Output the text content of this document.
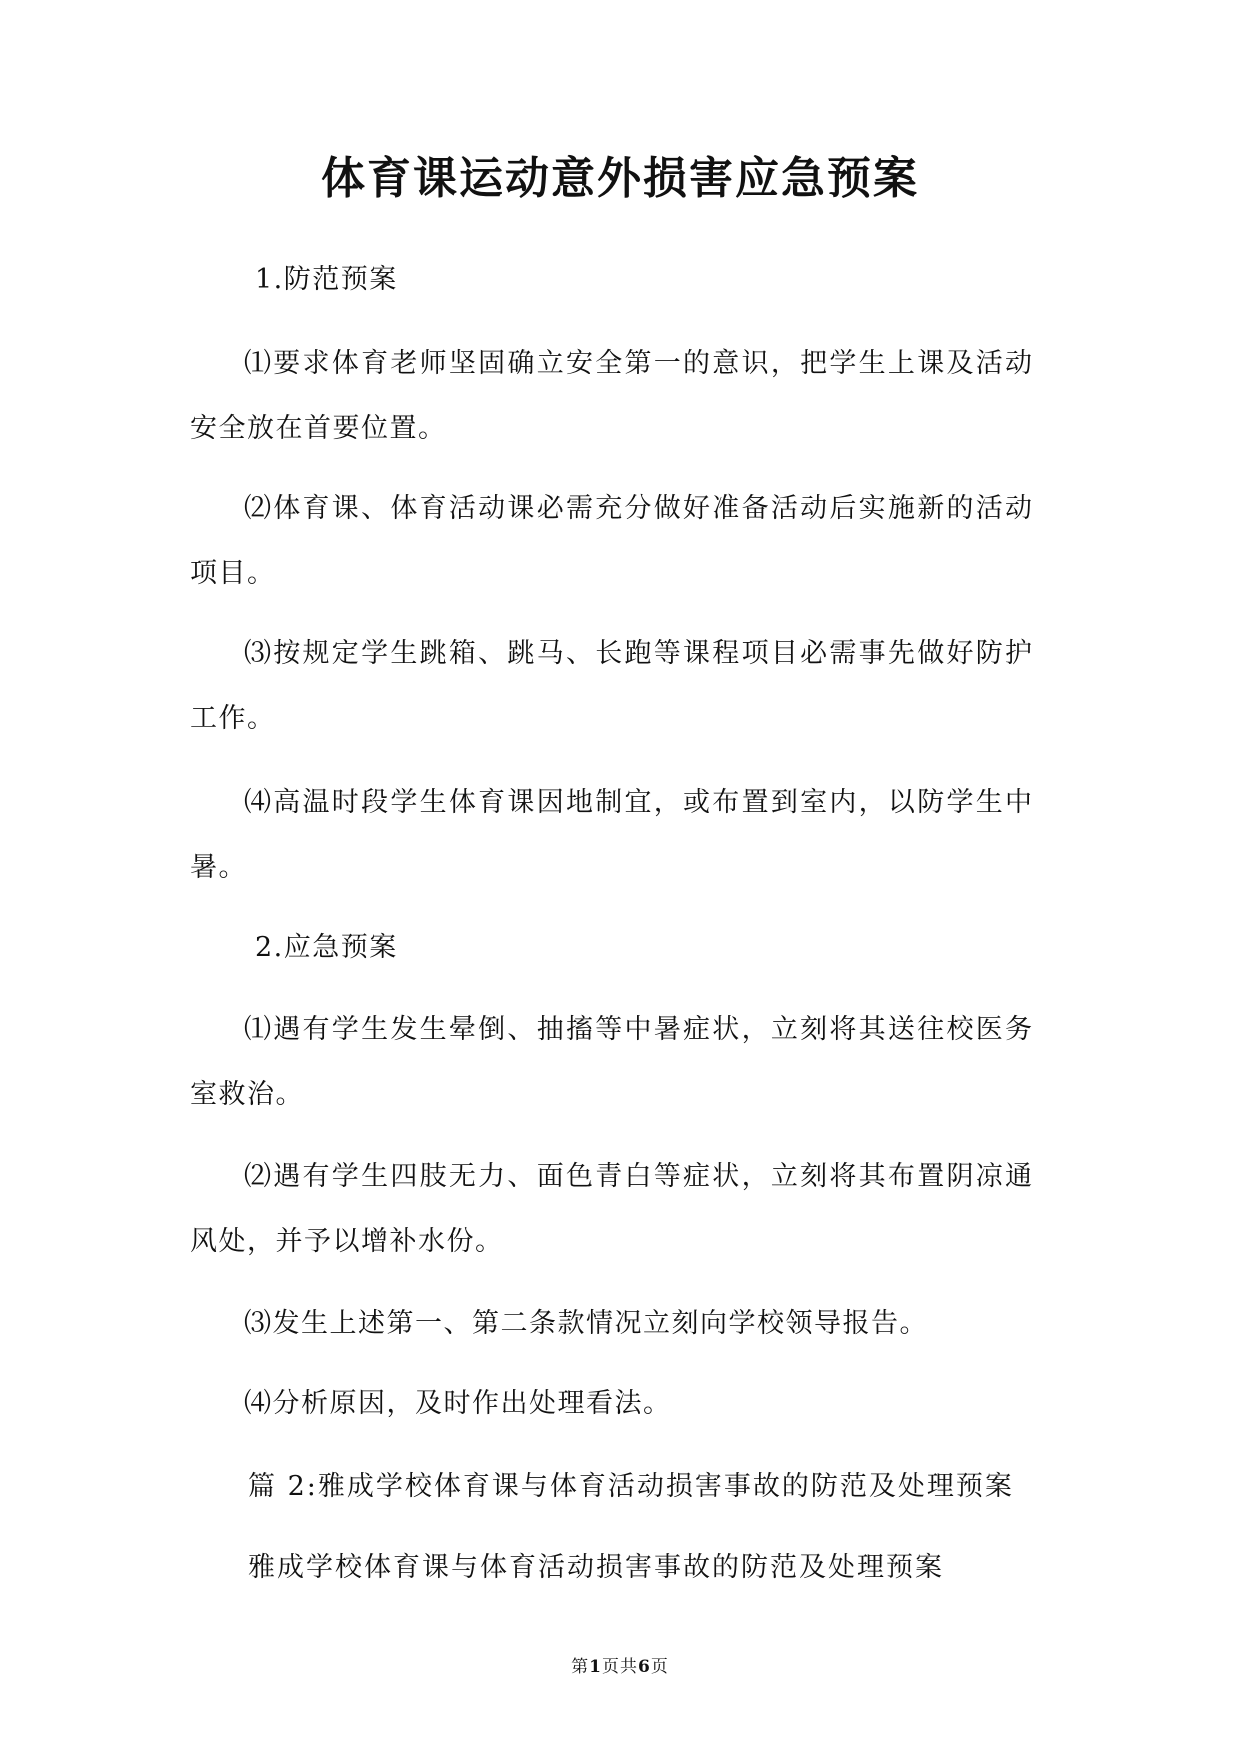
体育课运动意外损害应急预案
1.防范预案
⑴要求体育老师坚固确立安全第一的意识，把学生上课及活动
安全放在首要位置。
⑵体育课、体育活动课必需充分做好准备活动后实施新的活动
项目。
⑶按规定学生跳箱、跳马、长跑等课程项目必需事先做好防护
工作。
⑷高温时段学生体育课因地制宜，或布置到室内，以防学生中
暑。
2.应急预案
⑴遇有学生发生晕倒、抽搐等中暑症状，立刻将其送往校医务
室救治。
⑵遇有学生四肢无力、面色青白等症状，立刻将其布置阴凉通
风处，并予以增补水份。
⑶发生上述第一、第二条款情况立刻向学校领导报告。
⑷分析原因，及时作出处理看法。
篇 2:雅成学校体育课与体育活动损害事故的防范及处理预案
雅成学校体育课与体育活动损害事故的防范及处理预案
第1页共6页
